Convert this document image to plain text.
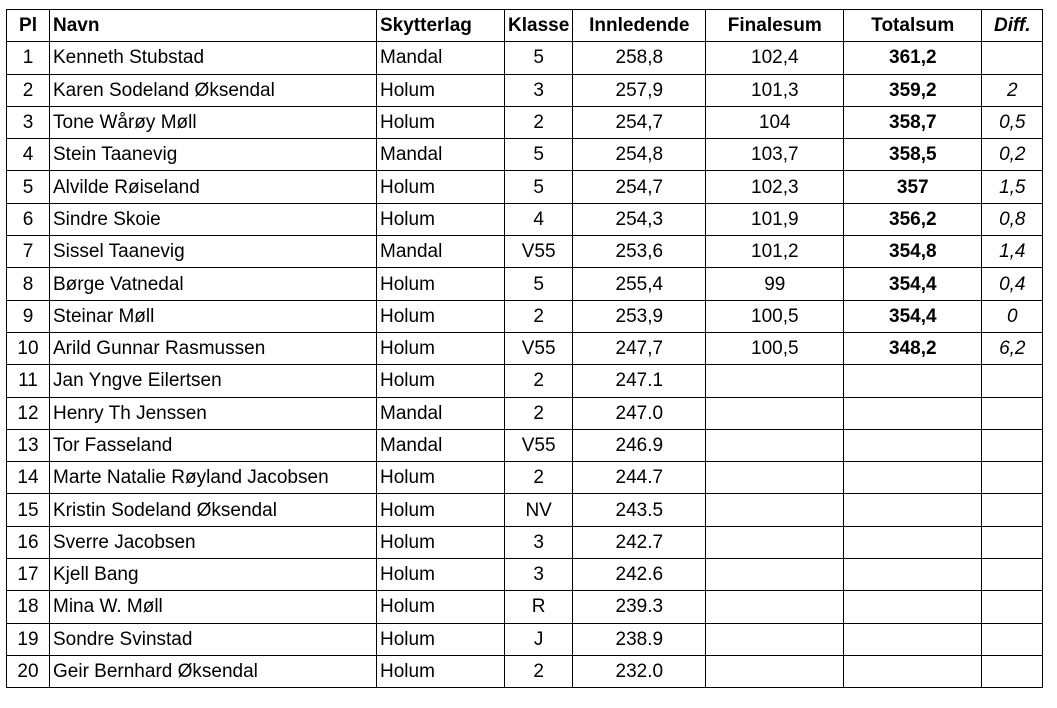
Pl	Navn	Skytterlag	Klasse	Innledende	Finalesum	Totalsum	Diff.
1	Kenneth Stubstad	Mandal	5	258,8	102,4	361,2	
2	Karen Sodeland Øksendal	Holum	3	257,9	101,3	359,2	2
3	Tone Wårøy Møll	Holum	2	254,7	104	358,7	0,5
4	Stein Taanevig	Mandal	5	254,8	103,7	358,5	0,2
5	Alvilde Røiseland	Holum	5	254,7	102,3	357	1,5
6	Sindre Skoie	Holum	4	254,3	101,9	356,2	0,8
7	Sissel Taanevig	Mandal	V55	253,6	101,2	354,8	1,4
8	Børge Vatnedal	Holum	5	255,4	99	354,4	0,4
9	Steinar Møll	Holum	2	253,9	100,5	354,4	0
10	Arild Gunnar Rasmussen	Holum	V55	247,7	100,5	348,2	6,2
11	Jan Yngve Eilertsen	Holum	2	247.1			
12	Henry Th Jenssen	Mandal	2	247.0			
13	Tor Fasseland	Mandal	V55	246.9			
14	Marte Natalie Røyland Jacobsen	Holum	2	244.7			
15	Kristin Sodeland Øksendal	Holum	NV	243.5			
16	Sverre Jacobsen	Holum	3	242.7			
17	Kjell Bang	Holum	3	242.6			
18	Mina W. Møll	Holum	R	239.3			
19	Sondre Svinstad	Holum	J	238.9			
20	Geir Bernhard Øksendal	Holum	2	232.0			
